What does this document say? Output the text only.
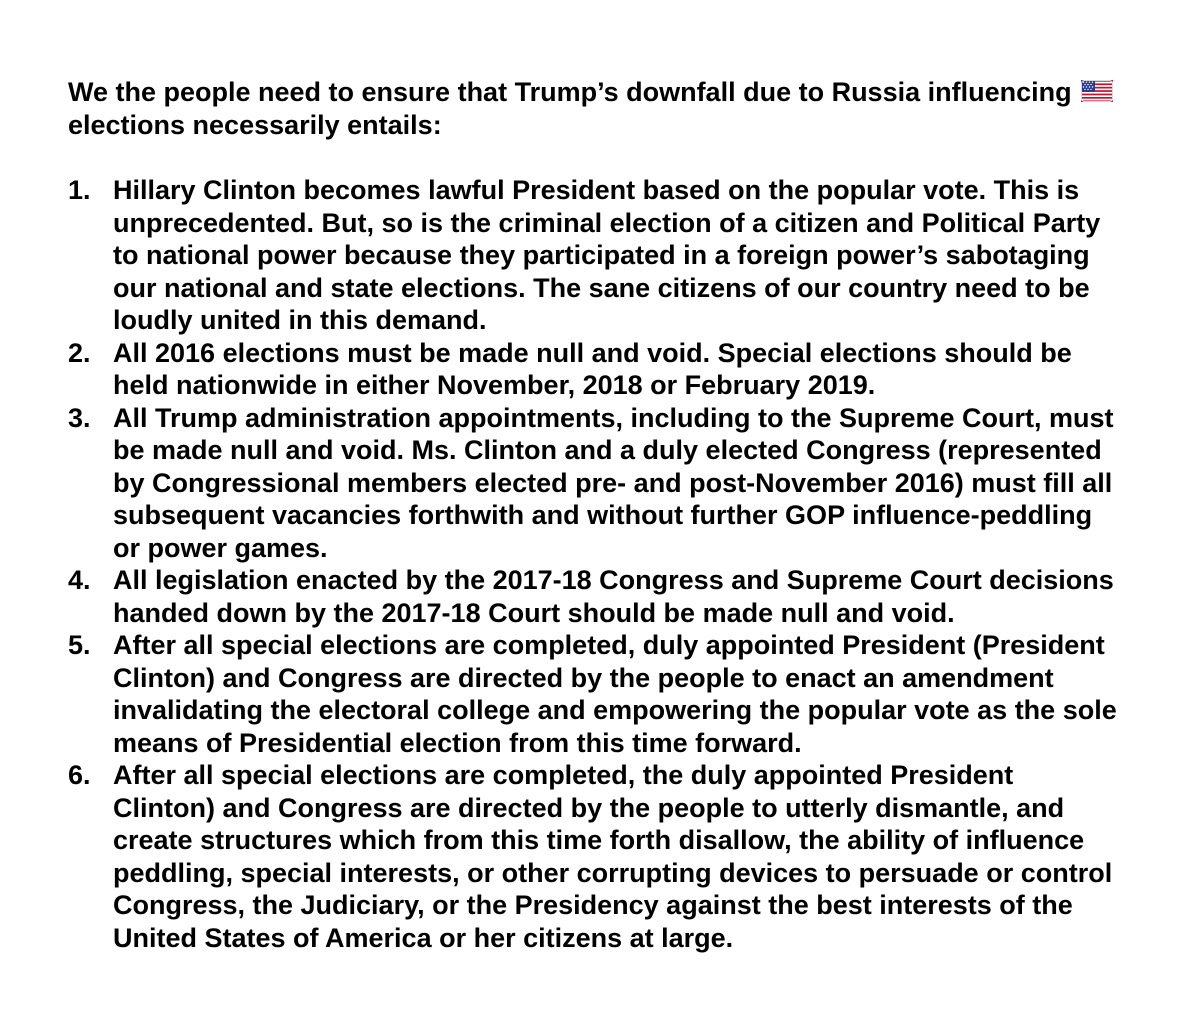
We the people need to ensure that Trump’s downfall due to Russia influencing

elections necessarily entails:

1. Hillary Clinton becomes lawful President based on the popular vote. This is
unprecedented. But, so is the criminal election of a citizen and Political Party
to national power because they participated in a foreign power’s sabotaging
our national and state elections. The sane citizens of our country need to be
loudly united in this demand.
2. All 2016 elections must be made null and void. Special elections should be
held nationwide in either November, 2018 or February 2019.
3. All Trump administration appointments, including to the Supreme Court, must
be made null and void. Ms. Clinton and a duly elected Congress (represented
by Congressional members elected pre- and post-November 2016) must fill all
subsequent vacancies forthwith and without further GOP influence-peddling
or power games.
4. All legislation enacted by the 2017-18 Congress and Supreme Court decisions
handed down by the 2017-18 Court should be made null and void.
5. After all special elections are completed, duly appointed President (President
Clinton) and Congress are directed by the people to enact an amendment
invalidating the electoral college and empowering the popular vote as the sole
means of Presidential election from this time forward.
6. After all special elections are completed, the duly appointed President
Clinton) and Congress are directed by the people to utterly dismantle, and
create structures which from this time forth disallow, the ability of influence
peddling, special interests, or other corrupting devices to persuade or control
Congress, the Judiciary, or the Presidency against the best interests of the
United States of America or her citizens at large.
